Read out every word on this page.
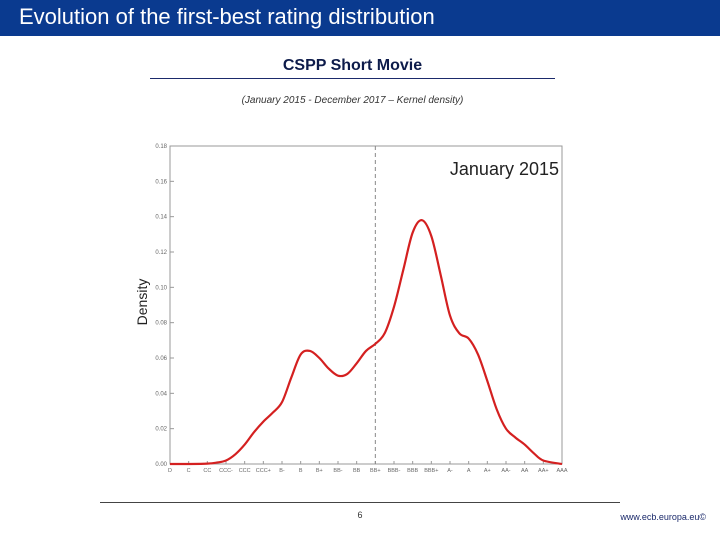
Evolution of the first-best rating distribution
CSPP Short Movie
(January 2015 - December 2017 – Kernel density)
0.00
0.02
0.04
0.06
0.08
0.10
0.12
0.14
0.16
0.18
D	C CC CCC- CCC CCC+ B-	B B+ BB- BB BB+ BBB- BBB BBB+ A-	A A+ AA- AA AA+ AAA
January 2015
Density
6	www.ecb.europa.eu©
